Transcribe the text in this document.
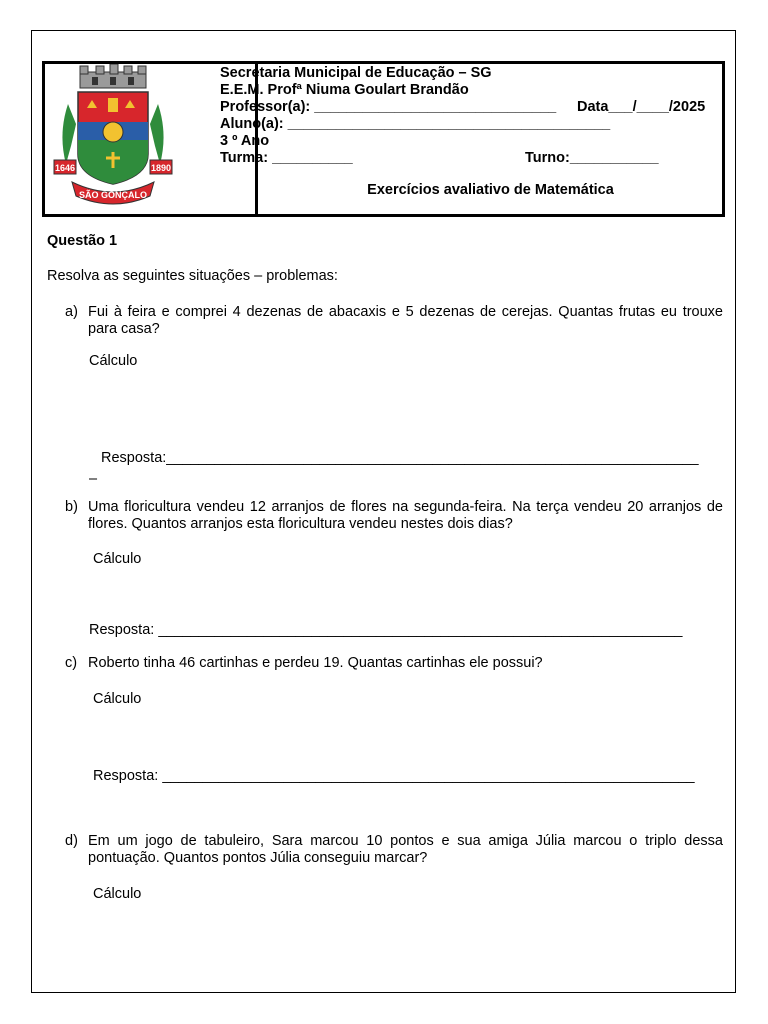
1646	1890
SÃO GONÇALO
Secretaria Municipal de Educação – SG
E.E.M. Profª Niuma Goulart Brandão
Professor(a): ______________________________ Data___/____/2025
Aluno(a): ________________________________________
3 º Ano
Turma: __________	Turno:___________
Exercícios avaliativo de Matemática
Questão 1
Resolva as seguintes situações – problemas:
a) Fui à feira e comprei 4 dezenas de abacaxis e 5 dezenas de cerejas. Quantas frutas eu trouxe para casa?
Cálculo
Resposta:__________________________________________________________________
–
b) Uma floricultura vendeu 12 arranjos de flores na segunda-feira. Na terça vendeu 20 arranjos de flores. Quantos arranjos esta floricultura vendeu nestes dois dias?
Cálculo
Resposta: _________________________________________________________________
c) Roberto tinha 46 cartinhas e perdeu 19. Quantas cartinhas ele possui?
Cálculo
Resposta: __________________________________________________________________
d) Em um jogo de tabuleiro, Sara marcou 10 pontos e sua amiga Júlia marcou o triplo dessa pontuação. Quantos pontos Júlia conseguiu marcar?
Cálculo
